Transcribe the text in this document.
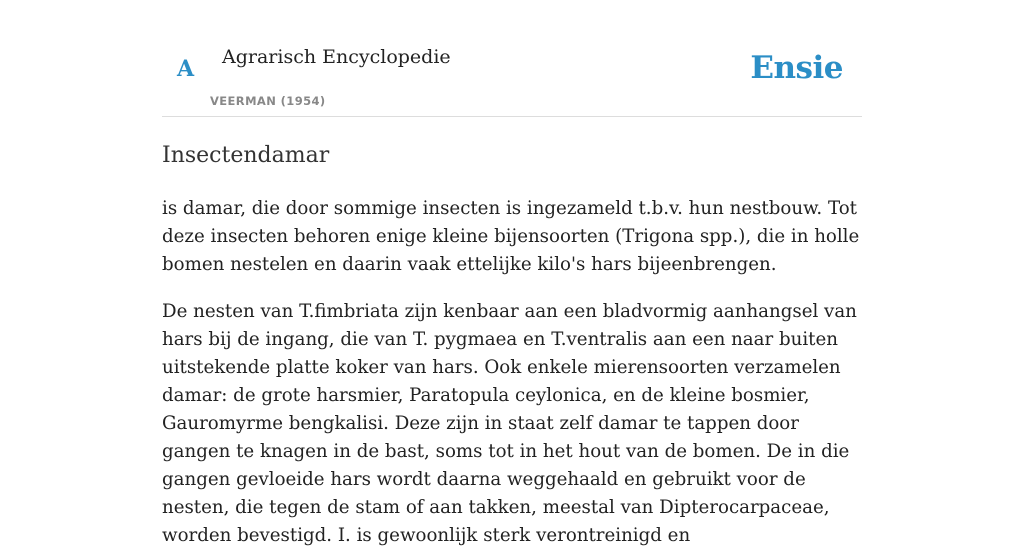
A Agrarisch Encyclopedie
VEERMAN (1954)
Ensie
Insectendamar

is damar, die door sommige insecten is ingezameld t.b.v. hun nestbouw. Tot deze insecten behoren enige kleine bijensoorten (Trigona spp.), die in holle bomen nestelen en daarin vaak ettelijke kilo's hars bijeenbrengen.

De nesten van T.fimbriata zijn kenbaar aan een bladvormig aanhangsel van hars bij de ingang, die van T. pygmaea en T.ventralis aan een naar buiten uitstekende platte koker van hars. Ook enkele mierensoorten verzamelen damar: de grote harsmier, Paratopula ceylonica, en de kleine bosmier, Gauromyrme bengkalisi. Deze zijn in staat zelf damar te tappen door gangen te knagen in de bast, soms tot in het hout van de bomen. De in die gangen gevloeide hars wordt daarna weggehaald en gebruikt voor de nesten, die tegen de stam of aan takken, meestal van Dipterocarpaceae, worden bevestigd. I. is gewoonlijk sterk verontreinigd en
